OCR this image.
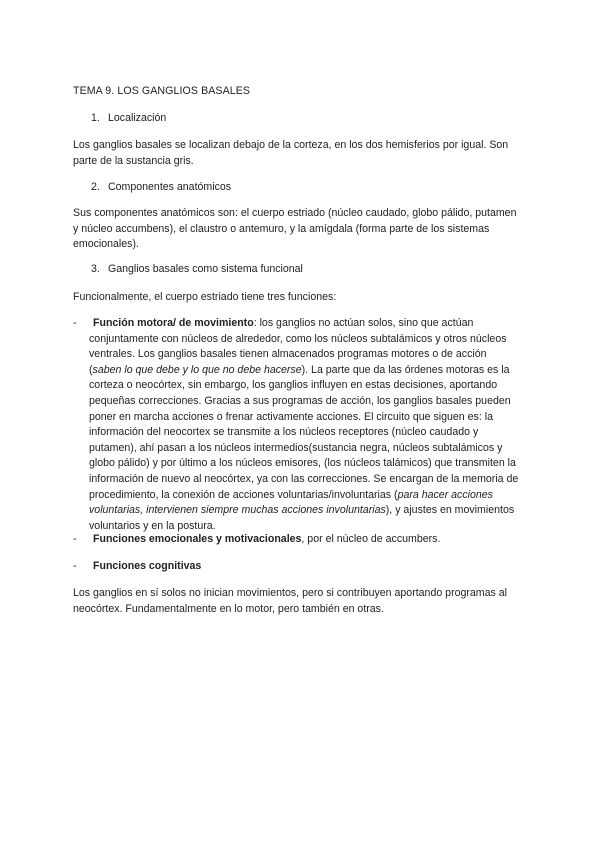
TEMA 9. LOS GANGLIOS BASALES
1. Localización
Los ganglios basales se localizan debajo de la corteza, en los dos hemisferios por igual. Son parte de la sustancia gris.
2. Componentes anatómicos
Sus componentes anatómicos son: el cuerpo estriado (núcleo caudado, globo pálido, putamen y núcleo accumbens), el claustro o antemuro, y la amígdala (forma parte de los sistemas emocionales).
3. Ganglios basales como sistema funcional
Funcionalmente, el cuerpo estriado tiene tres funciones:
-	Función motora/ de movimiento: los ganglios no actúan solos, sino que actúan conjuntamente con núcleos de alrededor, como los núcleos subtalámicos y otros núcleos ventrales. Los ganglios basales tienen almacenados programas motores o de acción (saben lo que debe y lo que no debe hacerse). La parte que da las órdenes motoras es la corteza o neocórtex, sin embargo, los ganglios influyen en estas decisiones, aportando pequeñas correcciones. Gracias a sus programas de acción, los ganglios basales pueden poner en marcha acciones o frenar activamente acciones. El circuito que siguen es: la información del neocortex se transmite a los núcleos receptores (núcleo caudado y putamen), ahí pasan a los núcleos intermedios(sustancia negra, núcleos subtalámicos y globo pálido) y por último a los núcleos emisores, (los núcleos talámicos) que transmiten la información de nuevo al neocórtex, ya con las correcciones. Se encargan de la memoria de procedimiento, la conexión de acciones voluntarias/involuntarias (para hacer acciones voluntarias, intervienen siempre muchas acciones involuntarias), y ajustes en movimientos voluntarios y en la postura.
-	Funciones emocionales y motivacionales, por el núcleo de accumbers.
-	Funciones cognitivas
Los ganglios en sí solos no inician movimientos, pero si contribuyen aportando programas al neocórtex. Fundamentalmente en lo motor, pero también en otras.
